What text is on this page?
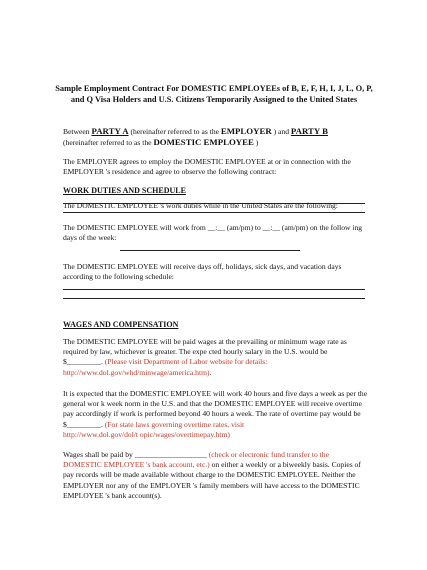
Sample Employment Contract For DOMESTIC EMPLOYEEs of B, E, F, H, I, J, L, O, P, and Q Visa Holders and U.S. Citizens Temporarily Assigned to the United States
Between PARTY A (hereinafter referred to as the EMPLOYER ) and PARTY B
(hereinafter referred to as the DOMESTIC EMPLOYEE )
The EMPLOYER agrees to employ the DOMESTIC EMPLOYEE at or in connection with the EMPLOYER 's residence and agree to observe the following contract:
WORK DUTIES AND SCHEDULE
The DOMESTIC EMPLOYEE 's work duties while in the United States are the following:
The DOMESTIC EMPLOYEE will work from __:__ (am/pm) to __:__ (am/pm) on the follow ing days of the week:
The DOMESTIC EMPLOYEE will receive days off, holidays, sick days, and vacation days according to the following schedule:
WAGES AND COMPENSATION
The DOMESTIC EMPLOYEE will be paid wages at the prevailing or minimum wage rate as required by law, whichever is greater. The expe cted hourly salary in the U.S. would be $_________. (Please visit Department of Labor website for details:
http://www.dol.gov/whd/minwage/america.htm).
It is expected that the DOMESTIC EMPLOYEE will work 40 hours and five days a week as per the general wor k week norm in the U.S. and that the DOMESTIC EMPLOYEE will receive overtime pay accordingly if work is performed beyond 40 hours a week. The rate of overtime pay would be $_________. (For state laws governing overtime rates, visit
http://www.dol.gov/dol/t opic/wages/overtimepay.htm)
Wages shall be paid by ___________________ (check or electronic fund transfer to the
DOMESTIC EMPLOYEE 's bank account, etc.) on either a weekly or a biweekly basis. Copies of pay records will be made available without charge to the DOMESTIC EMPLOYEE. Neither the EMPLOYER nor any of the EMPLOYER 's family members will have access to the DOMESTIC EMPLOYEE 's bank account(s).
